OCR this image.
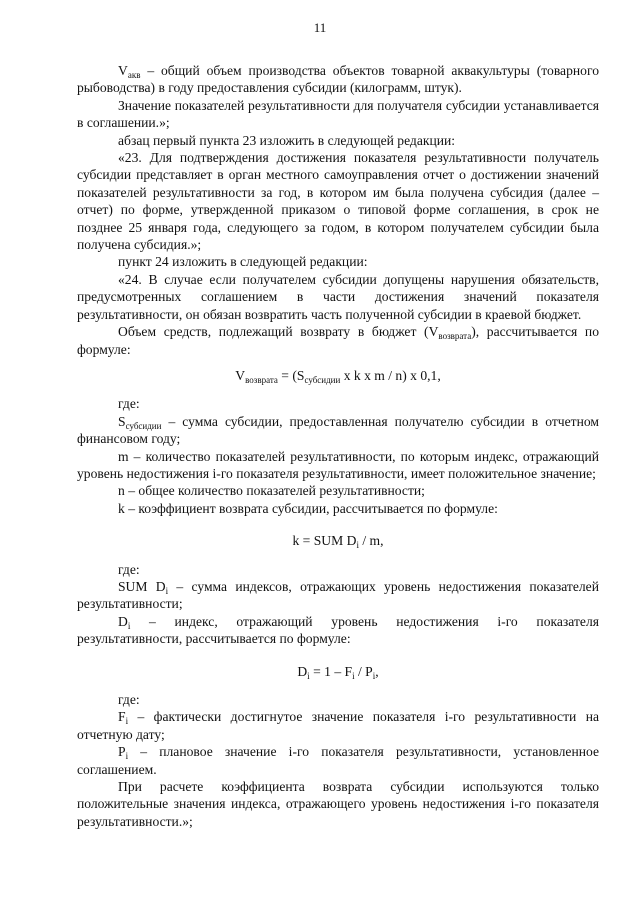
11

$V_{акв}$ – общий объем производства объектов товарной аквакультуры (товарного рыбоводства) в году предоставления субсидии (килограмм, штук).

Значение показателей результативности для получателя субсидии устанавливается в соглашении.»;

абзац первый пункта 23 изложить в следующей редакции:

«23. Для подтверждения достижения показателя результативности получатель субсидии представляет в орган местного самоуправления отчет о достижении значений показателей результативности за год, в котором им была получена субсидия (далее – отчет) по форме, утвержденной приказом о типовой форме соглашения, в срок не позднее 25 января года, следующего за годом, в котором получателем субсидии была получена субсидия.»;

пункт 24 изложить в следующей редакции:

«24. В случае если получателем субсидии допущены нарушения обязательств, предусмотренных соглашением в части достижения значений показателя результативности, он обязан возвратить часть полученной субсидии в краевой бюджет.

Объем средств, подлежащий возврату в бюджет $(V_{возврата})$, рассчитывается по формуле:

$V_{возврата} = (S_{субсидии}$ x k x m / n) x 0,1,

где:

$S_{субсидии}$ – сумма субсидии, предоставленная получателю субсидии в отчетном финансовом году;

m – количество показателей результативности, по которым индекс, отражающий уровень недостижения i-го показателя результативности, имеет положительное значение;

n – общее количество показателей результативности;

k – коэффициент возврата субсидии, рассчитывается по формуле:

k = SUM $D_i$ / m,

где:

SUM $D_i$ – сумма индексов, отражающих уровень недостижения показателей результативности;

$D_i$ – индекс, отражающий уровень недостижения i-го показателя результативности, рассчитывается по формуле:

$D_i = 1 - F_i / P_i$,

где:

$F_i$ – фактически достигнутое значение показателя i-го результативности на отчетную дату;

$P_i$ – плановое значение i-го показателя результативности, установленное соглашением.

При расчете коэффициента возврата субсидии используются только положительные значения индекса, отражающего уровень недостижения i-го показателя результативности.»;
